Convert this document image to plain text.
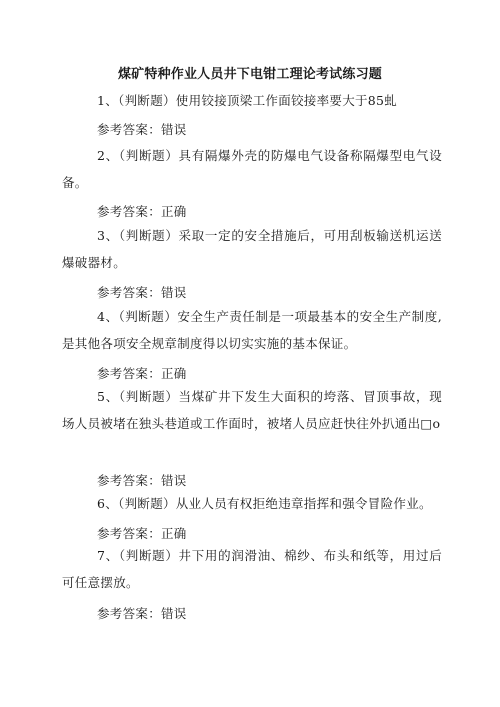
煤矿特种作业人员井下电钳工理论考试练习题
1、（判断题）使用铰接顶梁工作面铰接率要大于85虬
参考答案：错误
2、（判断题）具有隔爆外壳的防爆电气设备称隔爆型电气设备。
参考答案：正确
3、（判断题）采取一定的安全措施后，可用刮板输送机运送爆破器材。
参考答案：错误
4、（判断题）安全生产责任制是一项最基本的安全生产制度,是其他各项安全规章制度得以切实实施的基本保证。
参考答案：正确
5、（判断题）当煤矿井下发生大面积的垮落、冒顶事故，现场人员被堵在独头巷道或工作面时，被堵人员应赶快往外扒通出□o
参考答案：错误
6、（判断题）从业人员有权拒绝违章指挥和强令冒险作业。
参考答案：正确
7、（判断题）井下用的润滑油、棉纱、布头和纸等，用过后可任意摆放。
参考答案：错误
